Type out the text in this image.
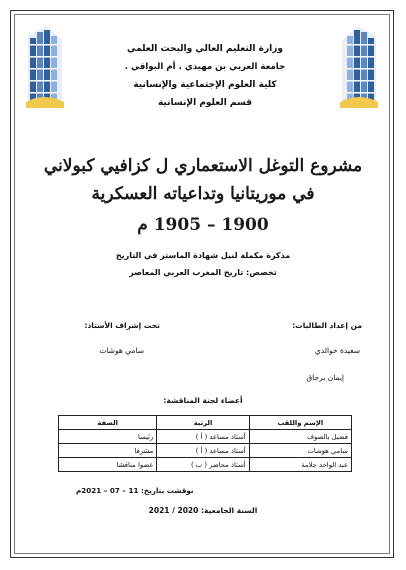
وزارة التعليم العالي والبحث العلمي
جامعة العربي بن مهيدي . أم البواقي .
كلية العلوم الإجتماعية والإنسانية
قسم العلوم الإنسانية
مشروع التوغل الاستعماري ل كزافيي كبولاني
في موريتانيا وتداعياته العسكرية
1900 – 1905 م
مذكرة مكملة لنيل شهادة الماستر في التاريخ
تخصص: تاريخ المغرب العربي المعاصر
من إعداد الطالبات:
تحت إشراف الأستاذ:
سعيدة خوالدي
إيمان برجاق
سامي هوشات
أعضاء لجنة المناقشة:
الإسم واللقب	الرتبة	الصفة
فضيل بالصوف	أستاذ مساعد ( أ )	رئيسا
سامي هوشات	أستاذ مساعد ( أ )	مشرفا
عبد الواحد جلامة	أستاذ محاضر ( ب )	عضوا مناقشا
نوقشت بتاريخ: 11 – 07 – 2021م
السنة الجامعية: 2020 / 2021
